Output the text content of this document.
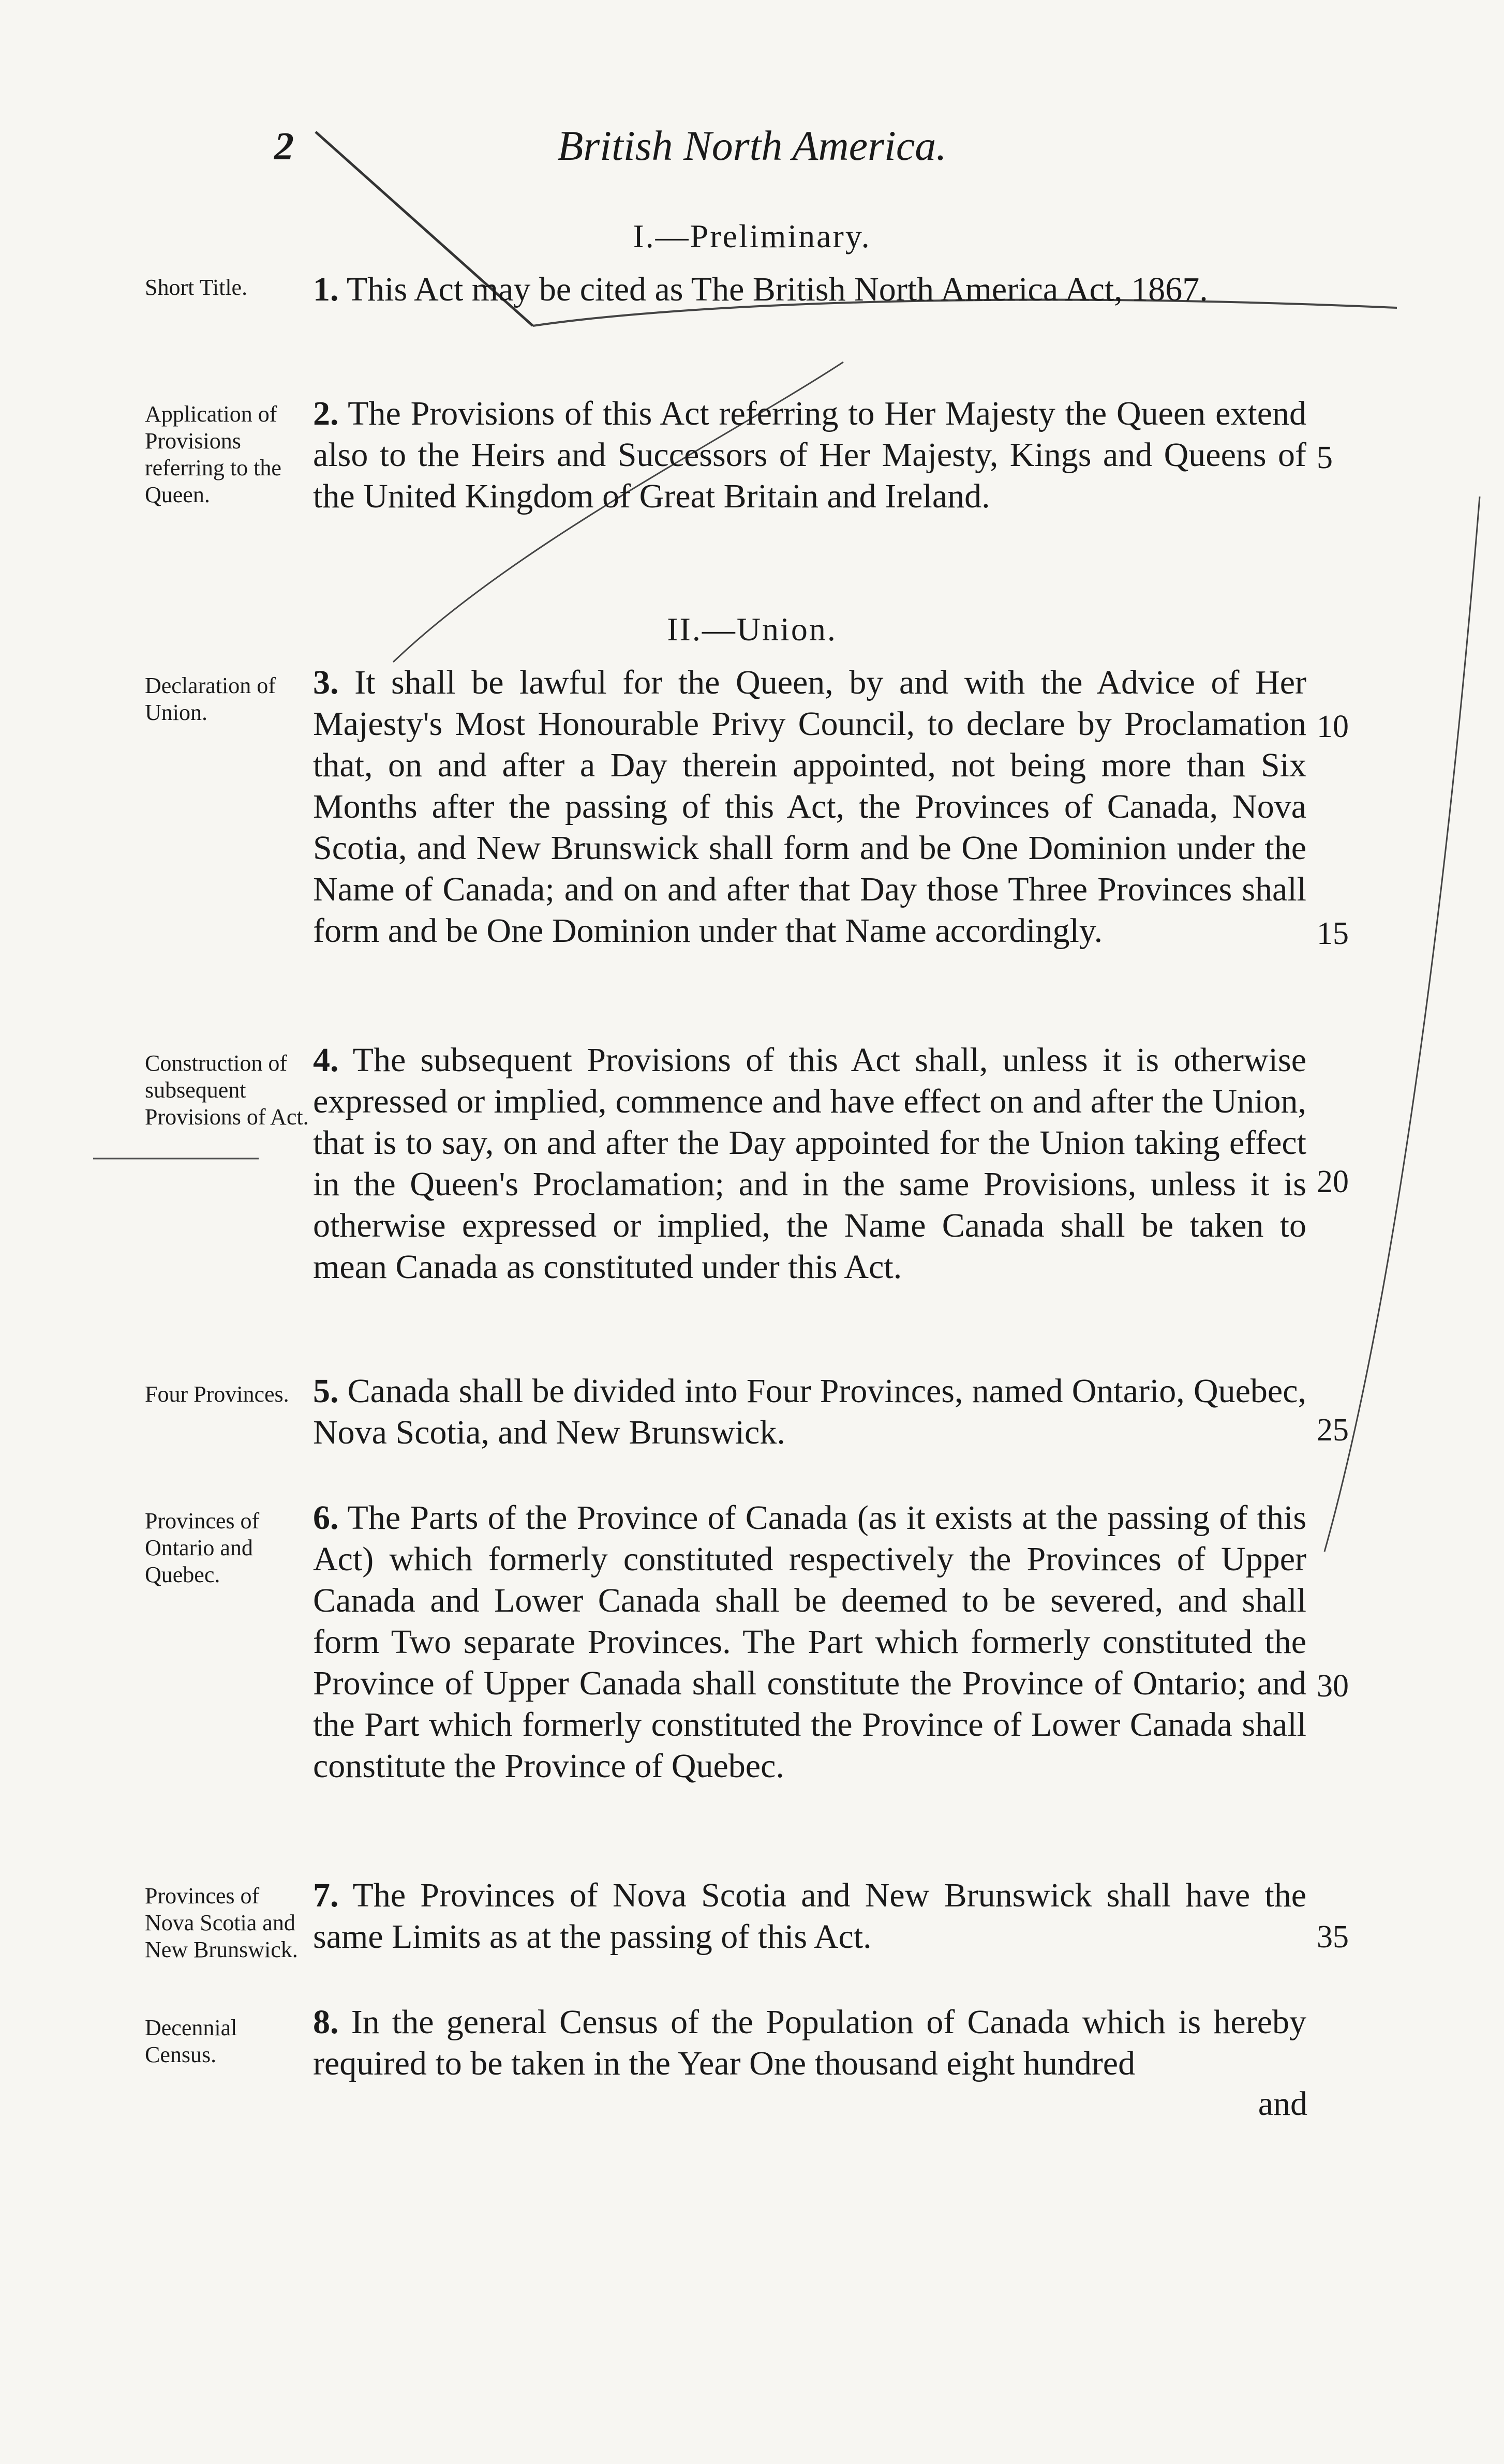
2	British North America.
I.—Preliminary.
Short Title.	1. This Act may be cited as The British North America Act, 1867.
Application of Provisions referring to the Queen.
2. The Provisions of this Act referring to Her Majesty the Queen extend also to the Heirs and Successors of Her Majesty, Kings and Queens of the United Kingdom of Great Britain and Ireland.
5
II.—Union.
Declaration of Union.
3. It shall be lawful for the Queen, by and with the Advice of Her Majesty's Most Honourable Privy Council, to declare by Proclamation that, on and after a Day therein appointed, not being more than Six Months after the passing of this Act, the Provinces of Canada, Nova Scotia, and New Brunswick shall form and be One Dominion under the Name of Canada; and on and after that Day those Three Provinces shall form and be One Dominion under that Name accordingly.
10
15
Construction of subsequent Provisions of Act.
4. The subsequent Provisions of this Act shall, unless it is otherwise expressed or implied, commence and have effect on and after the Union, that is to say, on and after the Day appointed for the Union taking effect in the Queen's Proclamation; and in the same Provisions, unless it is otherwise expressed or implied, the Name Canada shall be taken to mean Canada as constituted under this Act.
20
Four Provinces. 5. Canada shall be divided into Four Provinces, named Ontario, Quebec, Nova Scotia, and New Brunswick.	25
Provinces of Ontario and Quebec.
6. The Parts of the Province of Canada (as it exists at the passing of this Act) which formerly constituted respectively the Provinces of Upper Canada and Lower Canada shall be deemed to be severed, and shall form Two separate Provinces. The Part which formerly constituted the Province of Upper Canada shall constitute the Province of Ontario; and the Part which formerly constituted the Province of Lower Canada shall constitute the Province of Quebec.
30
Provinces of Nova Scotia and New Brunswick.
7. The Provinces of Nova Scotia and New Brunswick shall have the same Limits as at the passing of this Act.	35
Decennial Census.
8. In the general Census of the Population of Canada which is hereby required to be taken in the Year One thousand eight hundred
and
